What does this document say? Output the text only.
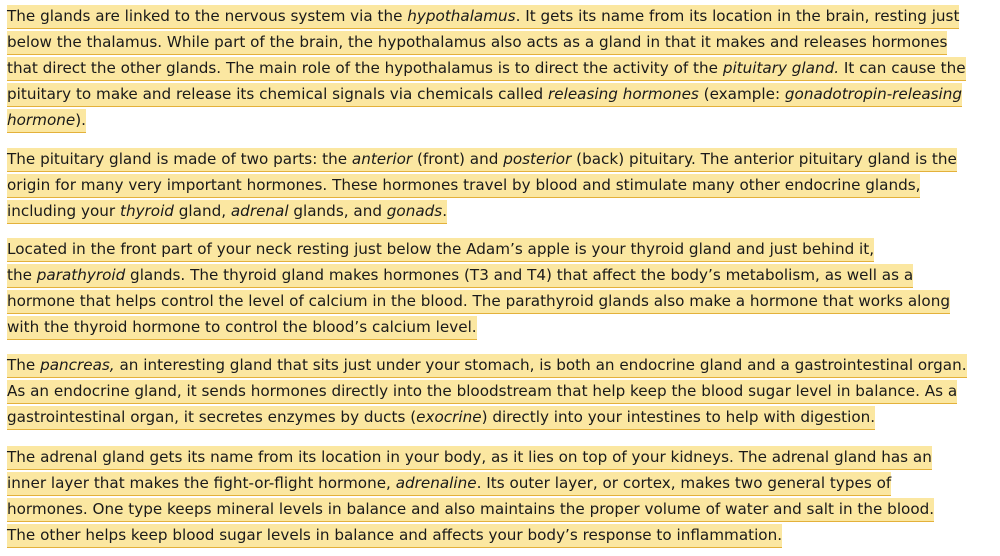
The glands are linked to the nervous system via the hypothalamus. It gets its name from its location in the brain, resting just
below the thalamus. While part of the brain, the hypothalamus also acts as a gland in that it makes and releases hormones
that direct the other glands. The main role of the hypothalamus is to direct the activity of the pituitary gland. It can cause the
pituitary to make and release its chemical signals via chemicals called releasing hormones (example: gonadotropin-releasing
hormone).
The pituitary gland is made of two parts: the anterior (front) and posterior (back) pituitary. The anterior pituitary gland is the
origin for many very important hormones. These hormones travel by blood and stimulate many other endocrine glands,
including your thyroid gland, adrenal glands, and gonads.
Located in the front part of your neck resting just below the Adam’s apple is your thyroid gland and just behind it,
the parathyroid glands. The thyroid gland makes hormones (T3 and T4) that affect the body’s metabolism, as well as a
hormone that helps control the level of calcium in the blood. The parathyroid glands also make a hormone that works along
with the thyroid hormone to control the blood’s calcium level.
The pancreas, an interesting gland that sits just under your stomach, is both an endocrine gland and a gastrointestinal organ.
As an endocrine gland, it sends hormones directly into the bloodstream that help keep the blood sugar level in balance. As a
gastrointestinal organ, it secretes enzymes by ducts (exocrine) directly into your intestines to help with digestion.
The adrenal gland gets its name from its location in your body, as it lies on top of your kidneys. The adrenal gland has an
inner layer that makes the fight-or-flight hormone, adrenaline. Its outer layer, or cortex, makes two general types of
hormones. One type keeps mineral levels in balance and also maintains the proper volume of water and salt in the blood.
The other helps keep blood sugar levels in balance and affects your body’s response to inflammation.
